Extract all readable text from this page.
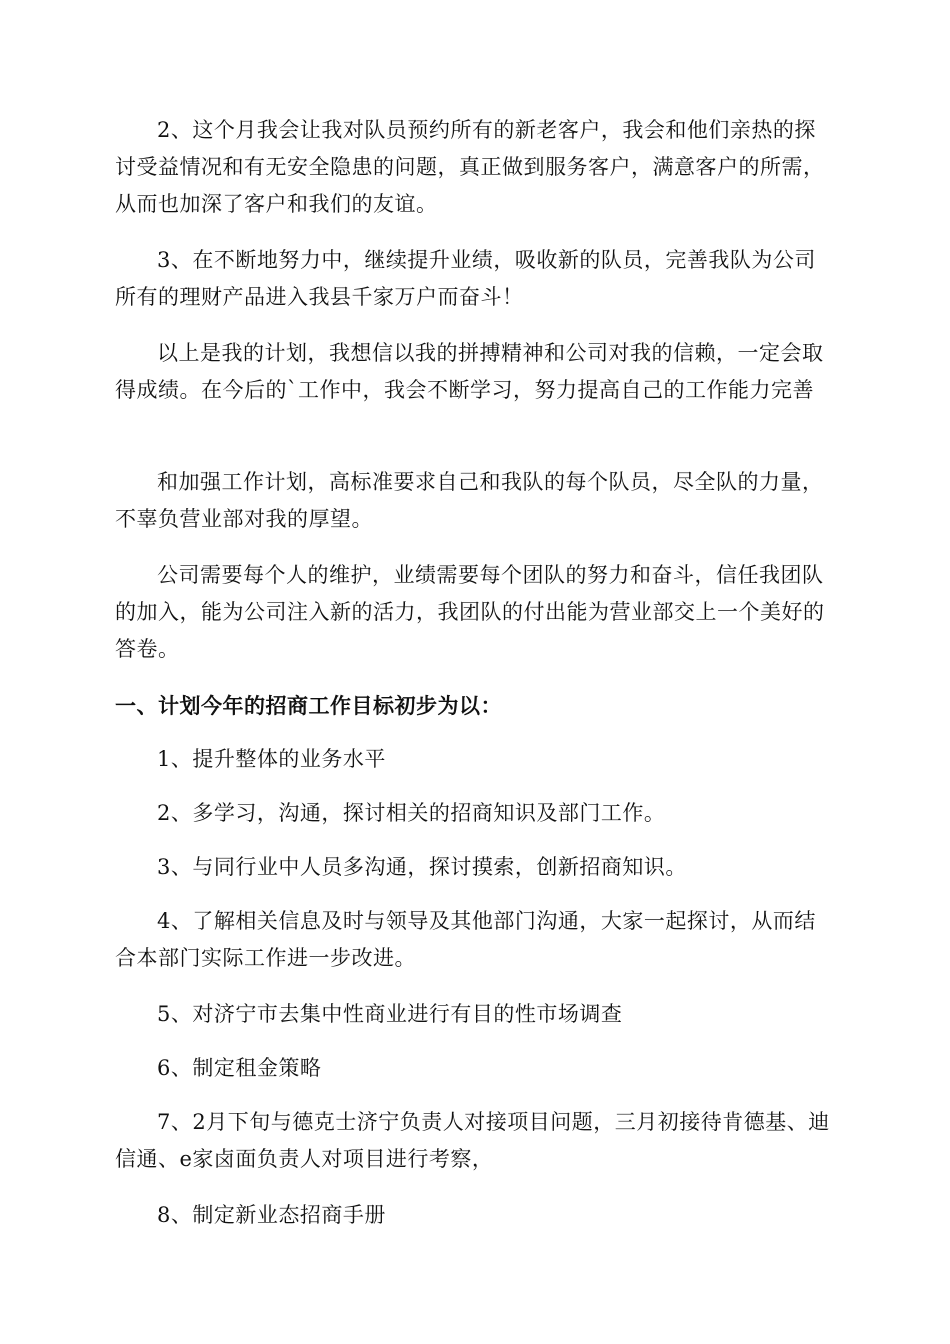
2、这个月我会让我对队员预约所有的新老客户，我会和他们亲热的探讨受益情况和有无安全隐患的问题，真正做到服务客户，满意客户的所需，从而也加深了客户和我们的友谊。

3、在不断地努力中，继续提升业绩，吸收新的队员，完善我队为公司所有的理财产品进入我县千家万户而奋斗！

以上是我的计划，我想信以我的拼搏精神和公司对我的信赖，一定会取得成绩。在今后的`工作中，我会不断学习，努力提高自己的工作能力完善

和加强工作计划，高标准要求自己和我队的每个队员，尽全队的力量，不辜负营业部对我的厚望。

公司需要每个人的维护，业绩需要每个团队的努力和奋斗，信任我团队的加入，能为公司注入新的活力，我团队的付出能为营业部交上一个美好的答卷。

一、计划今年的招商工作目标初步为以：

1、提升整体的业务水平

2、多学习，沟通，探讨相关的招商知识及部门工作。

3、与同行业中人员多沟通，探讨摸索，创新招商知识。

4、了解相关信息及时与领导及其他部门沟通，大家一起探讨，从而结合本部门实际工作进一步改进。

5、对济宁市去集中性商业进行有目的性市场调查

6、制定租金策略

7、2月下旬与德克士济宁负责人对接项目问题，三月初接待肯德基、迪信通、e家卤面负责人对项目进行考察，

8、制定新业态招商手册
